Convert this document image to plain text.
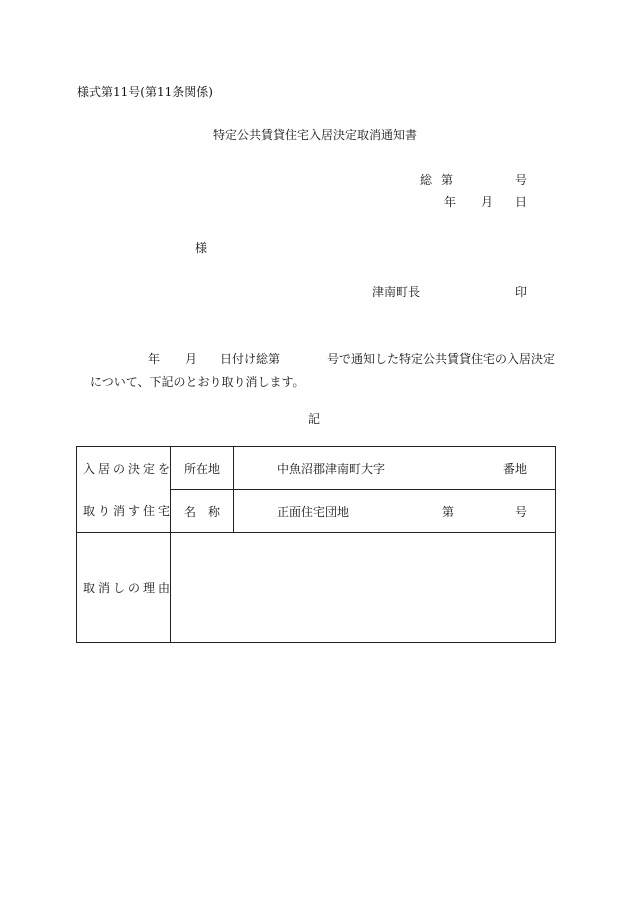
様式第11号(第11条関係)
特定公共賃貸住宅入居決定取消通知書
総 第	号
年 月 日
様
津南町長	印
年 月 日付け総第	号で通知した特定公共賃貸住宅の入居決定
について、下記のとおり取り消します。
記
入居の決定を
取り消す住宅
所在地	中魚沼郡津南町大字	番地
名　称	正面住宅団地	第	号
取消しの理由
